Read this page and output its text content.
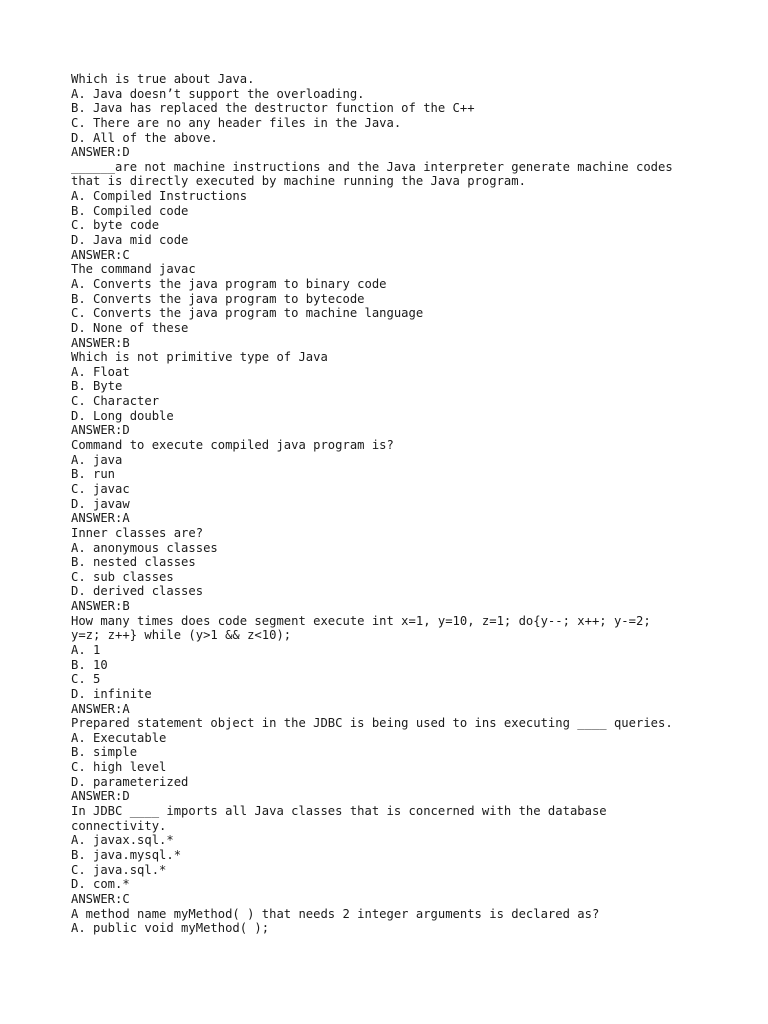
Which is true about Java.
A. Java doesn’t support the overloading.
B. Java has replaced the destructor function of the C++
C. There are no any header files in the Java.
D. All of the above.
ANSWER:D
______are not machine instructions and the Java interpreter generate machine codes
that is directly executed by machine running the Java program.
A. Compiled Instructions
B. Compiled code
C. byte code
D. Java mid code
ANSWER:C
The command javac
A. Converts the java program to binary code
B. Converts the java program to bytecode
C. Converts the java program to machine language
D. None of these
ANSWER:B
Which is not primitive type of Java
A. Float
B. Byte
C. Character
D. Long double
ANSWER:D
Command to execute compiled java program is?
A. java
B. run
C. javac
D. javaw
ANSWER:A
Inner classes are?
A. anonymous classes
B. nested classes
C. sub classes
D. derived classes
ANSWER:B
How many times does code segment execute int x=1, y=10, z=1; do{y--; x++; y-=2;
y=z; z++} while (y>1 && z<10);
A. 1
B. 10
C. 5
D. infinite
ANSWER:A
Prepared statement object in the JDBC is being used to ins executing ____ queries.
A. Executable
B. simple
C. high level
D. parameterized
ANSWER:D
In JDBC ____ imports all Java classes that is concerned with the database
connectivity.
A. javax.sql.*
B. java.mysql.*
C. java.sql.*
D. com.*
ANSWER:C
A method name myMethod( ) that needs 2 integer arguments is declared as?
A. public void myMethod( );
